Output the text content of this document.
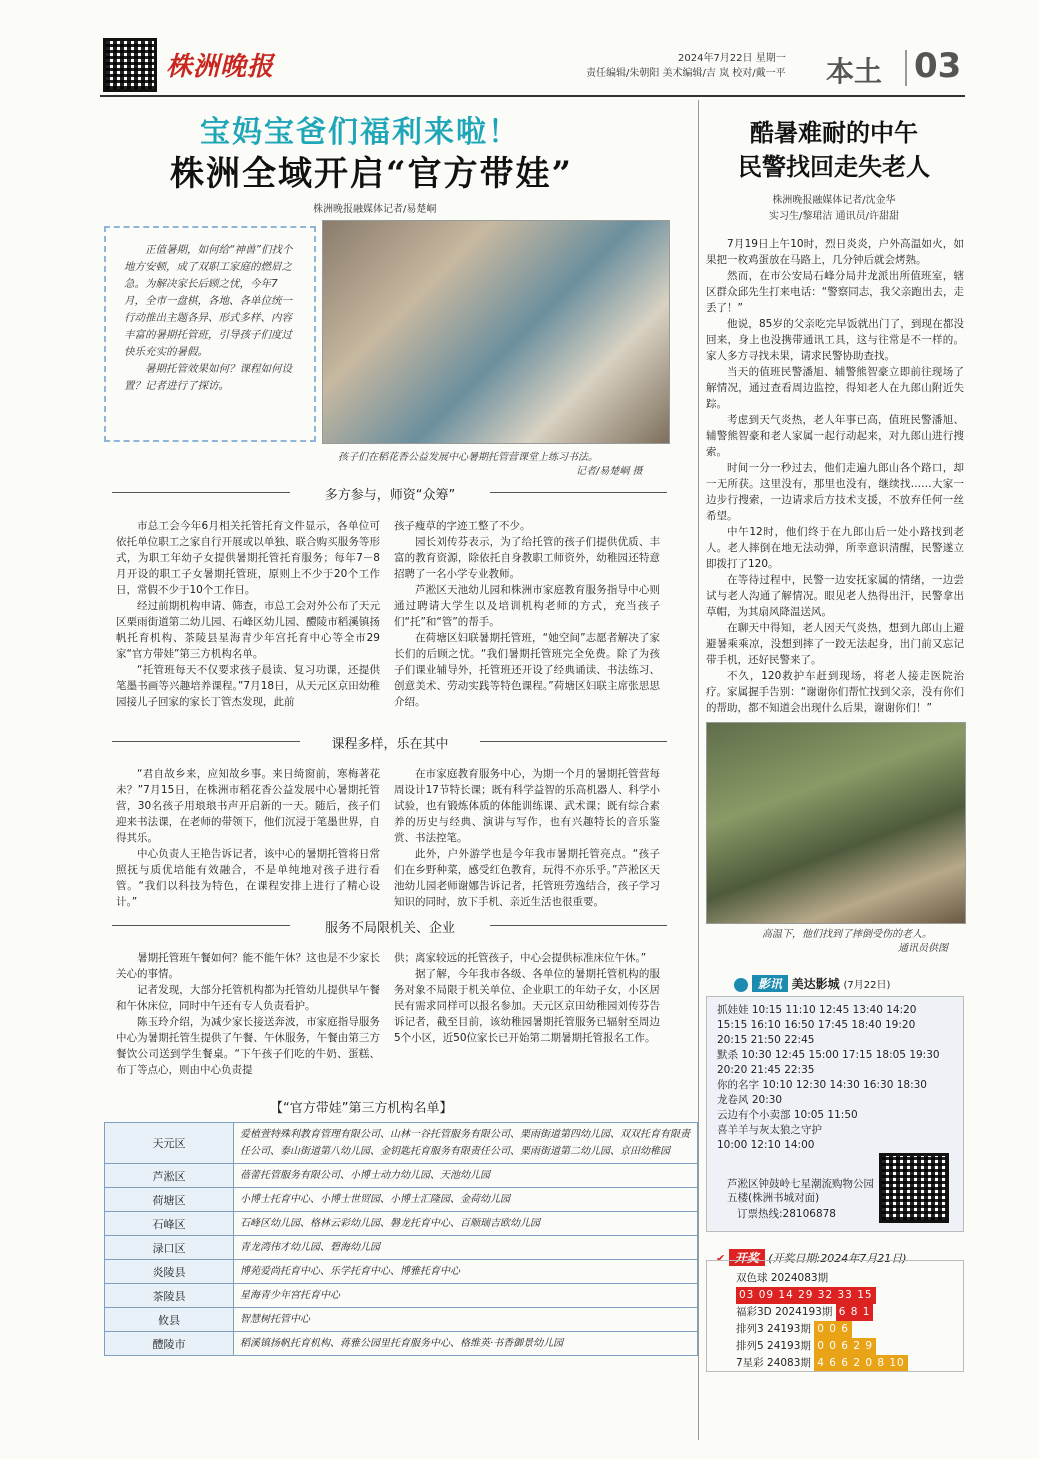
株洲晚报	2024年7月22日 星期一
责任编辑/朱朝阳 美术编辑/吉 岚 校对/戴一平 本土 03
宝妈宝爸们福利来啦！
株洲全域开启“官方带娃”
株洲晚报融媒体记者/易楚峒

正值暑期，如何给“神兽”们找个地方安顿，成了双职工家庭的燃眉之急。为解决家长后顾之忧，今年7月，全市一盘棋，各地、各单位统一行动推出主题各异、形式多样、内容丰富的暑期托管班，引导孩子们度过快乐充实的暑假。

暑期托管效果如何？课程如何设置？记者进行了探访。

孩子们在稻花香公益发展中心暑期托管营课堂上练习书法。
记者/易楚峒 摄
多方参与，师资“众筹”

市总工会今年6月相关托管托育文件显示，各单位可依托单位职工之家自行开展或以单独、联合购买服务等形式，为职工年幼子女提供暑期托管托育服务；每年7－8月开设的职工子女暑期托管班，原则上不少于20个工作日，常假不少于10个工作日。

经过前期机构申请、筛查，市总工会对外公布了天元区栗雨街道第二幼儿园、石峰区幼儿园、醴陵市稻溪镇扬帆托育机构、茶陵县星海青少年宫托育中心等全市29家“官方带娃”第三方机构名单。

“托管班每天不仅要求孩子晨读、复习功课，还提供笔墨书画等兴趣培养课程。”7月18日，从天元区京田幼稚园接儿子回家的家长丁管杰发现，此前

孩子瘦草的字迹工整了不少。

园长刘传芬表示，为了给托管的孩子们提供优质、丰富的教育资源，除依托自身教职工师资外，幼稚园还特意招聘了一名小学专业教师。

芦淞区天池幼儿园和株洲市家庭教育服务指导中心则通过聘请大学生以及培训机构老师的方式，充当孩子们“托”和“管”的帮手。

在荷塘区妇联暑期托管班，“她空间”志愿者解决了家长们的后顾之忧。“我们暑期托管班完全免费。除了为孩子们课业辅导外，托管班还开设了经典诵读、书法练习、创意美术、劳动实践等特色课程。”荷塘区妇联主席张思思介绍。

课程多样，乐在其中

“君自故乡来，应知故乡事。来日绮窗前，寒梅著花未？”7月15日，在株洲市稻花香公益发展中心暑期托管营，30名孩子用琅琅书声开启新的一天。随后，孩子们迎来书法课，在老师的带领下，他们沉浸于笔墨世界，自得其乐。

中心负责人王艳告诉记者，该中心的暑期托管将日常照抚与质优培能有效融合，不是单纯地对孩子进行看管。“我们以科技为特色，在课程安排上进行了精心设计。”

在市家庭教育服务中心，为期一个月的暑期托管营每周设计17节特长课；既有科学益智的乐高机器人、科学小试验，也有锻炼体质的体能训练课、武术课；既有综合素养的历史与经典、演讲与写作，也有兴趣特长的音乐鉴赏、书法控笔。

此外，户外游学也是今年我市暑期托管亮点。“孩子们在乡野种菜，感受红色教育，玩得不亦乐乎。”芦淞区天池幼儿园老师谢娜告诉记者，托管班劳逸结合，孩子学习知识的同时，放下手机、亲近生活也很重要。

服务不局限机关、企业

暑期托管班午餐如何？能不能午休？这也是不少家长关心的事情。

记者发现，大部分托管机构都为托管幼儿提供早午餐和午休床位，同时中午还有专人负责看护。

陈玉玲介绍，为减少家长接送奔波，市家庭指导服务中心为暑期托管生提供了午餐、午休服务，午餐由第三方餐饮公司送到学生餐桌。“下午孩子们吃的牛奶、蛋糕、布丁等点心，则由中心负责提

供；离家较远的托管孩子，中心会提供标准床位午休。”

据了解，今年我市各级、各单位的暑期托管机构的服务对象不局限于机关单位、企业职工的年幼子女，小区居民有需求同样可以报名参加。天元区京田幼稚园刘传芬告诉记者，截至目前，该幼稚园暑期托管服务已辐射至周边5个小区，近50位家长已开始第二期暑期托管报名工作。

【“官方带娃”第三方机构名单】
天元区	爱植萱特殊利教育管理有限公司、山林一谷托管服务有限公司、栗雨街道第四幼儿园、双双托育有限责任公司、泰山街道第八幼儿园、金钥匙托育服务有限责任公司、栗雨街道第二幼儿园、京田幼稚园
芦淞区	蓓蕾托管服务有限公司、小博士动力幼儿园、天池幼儿园
荷塘区	小博士托育中心、小博士世贸园、小博士汇隆园、金荷幼儿园
石峰区	石峰区幼儿园、格林云彩幼儿园、磐龙托育中心、百顺瑞吉欧幼儿园
渌口区	青龙湾伟才幼儿园、碧海幼儿园
炎陵县	博苑爱尚托育中心、乐学托育中心、博雅托育中心
茶陵县	星海青少年宫托育中心
攸县	智慧树托管中心
醴陵市	稻溪镇扬帆托育机构、蒋雅公园里托育服务中心、格维英·书香御景幼儿园
酷暑难耐的中午
民警找回走失老人
株洲晚报融媒体记者/沈金华
实习生/黎珺洁 通讯员/许甜甜

7月19日上午10时，烈日炎炎，户外高温如火，如果把一枚鸡蛋放在马路上，几分钟后就会烤熟。

然而，在市公安局石峰分局井龙派出所值班室，辖区群众邱先生打来电话：“警察同志，我父亲跑出去，走丢了！”

他说，85岁的父亲吃完早饭就出门了，到现在都没回来，身上也没携带通讯工具，这与往常是不一样的。家人多方寻找未果，请求民警协助查找。

当天的值班民警潘旭、辅警熊智豪立即前往现场了解情况，通过查看周边监控，得知老人在九郎山附近失踪。

考虑到天气炎热，老人年事已高，值班民警潘旭、辅警熊智豪和老人家属一起行动起来，对九郎山进行搜索。

时间一分一秒过去，他们走遍九郎山各个路口，却一无所获。这里没有，那里也没有，继续找……大家一边步行搜索，一边请求后方技术支援，不放弃任何一丝希望。

中午12时，他们终于在九郎山后一处小路找到老人。老人摔倒在地无法动弹，所幸意识清醒，民警遂立即拨打了120。

在等待过程中，民警一边安抚家属的情绪，一边尝试与老人沟通了解情况。眼见老人热得出汗，民警拿出草帽，为其扇风降温送风。

在聊天中得知，老人因天气炎热，想到九郎山上避避暑乘乘凉，没想到摔了一跤无法起身，出门前又忘记带手机，还好民警来了。

不久，120救护车赶到现场，将老人接走医院治疗。家属握手告别：“谢谢你们帮忙找到父亲，没有你们的帮助，都不知道会出现什么后果，谢谢你们！”

高温下，他们找到了摔倒受伤的老人。
通讯员供图
影讯 美达影城 (7月22日)
抓娃娃 10:15 11:10 12:45 13:40 14:20
15:15 16:10 16:50 17:45 18:40 19:20
20:15 21:50 22:45
默杀 10:30 12:45 15:00 17:15 18:05 19:30
20:20 21:45 22:35
你的名字 10:10 12:30 14:30 16:30 18:30
龙卷风 20:30
云边有个小卖部 10:05 11:50
喜羊羊与灰太狼之守护
10:00 12:10 14:00
芦淞区钟鼓岭七星潮流购物公园五楼(株洲书城对面)
订票热线:28106878
✔ 开奖 (开奖日期:2024年7月21日)
双色球 2024083期
03 09 14 29 32 33 15
福彩3D 2024193期 6 8 1
排列3 24193期 0 0 6
排列5 24193期 0 0 6 2 9
7星彩 24083期 4 6 6 2 0 8 10
